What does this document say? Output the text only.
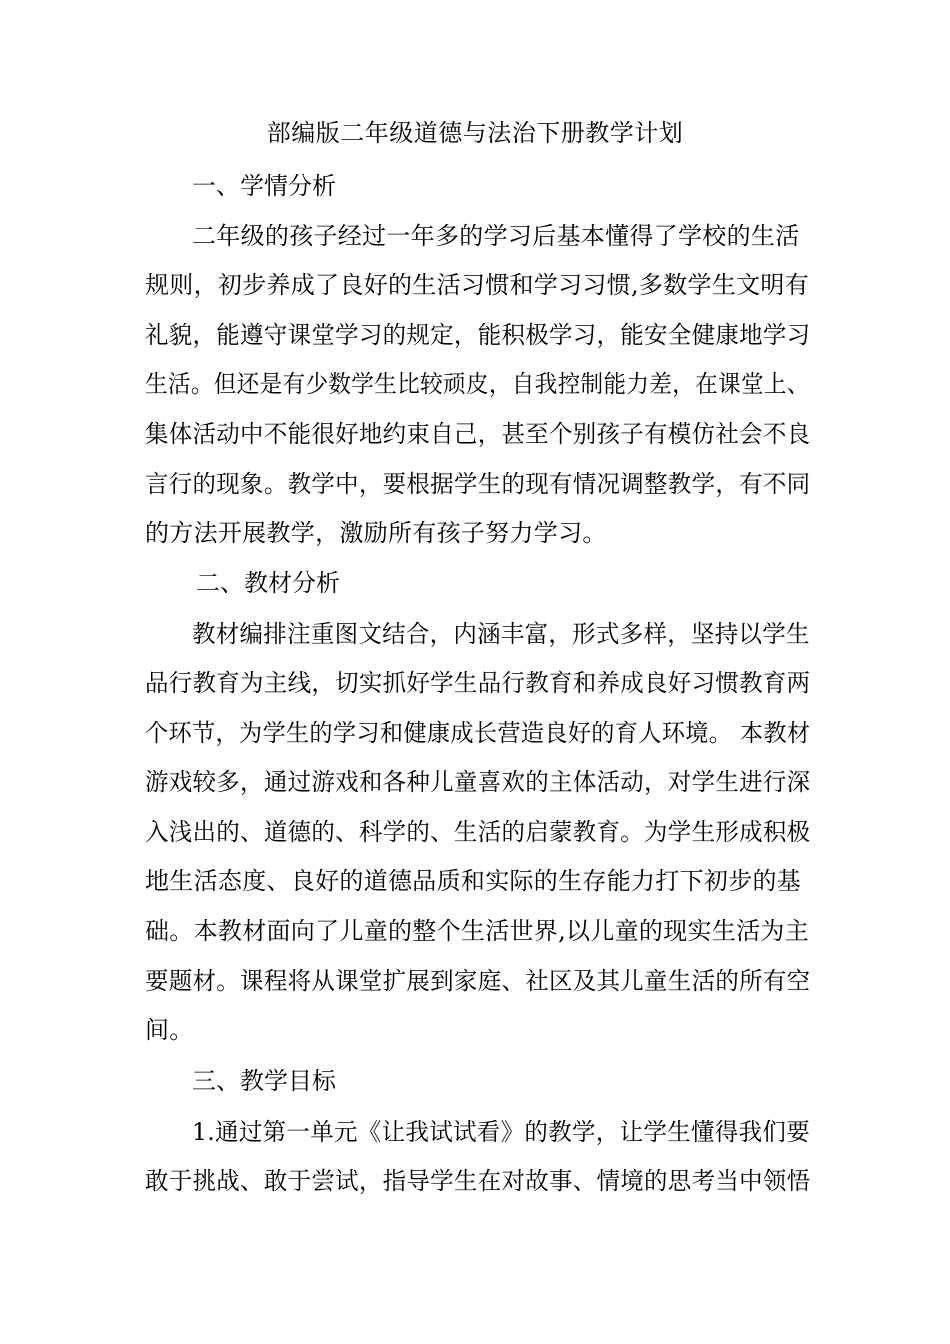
部编版二年级道德与法治下册教学计划
一、学情分析
二年级的孩子经过一年多的学习后基本懂得了学校的生活
规则，初步养成了良好的生活习惯和学习习惯,多数学生文明有
礼貌，能遵守课堂学习的规定，能积极学习，能安全健康地学习
生活。但还是有少数学生比较顽皮，自我控制能力差，在课堂上、
集体活动中不能很好地约束自己，甚至个别孩子有模仿社会不良
言行的现象。教学中，要根据学生的现有情况调整教学，有不同
的方法开展教学，激励所有孩子努力学习。
二、教材分析
教材编排注重图文结合，内涵丰富，形式多样，坚持以学生
品行教育为主线，切实抓好学生品行教育和养成良好习惯教育两
个环节，为学生的学习和健康成长营造良好的育人环境。 本教材
游戏较多，通过游戏和各种儿童喜欢的主体活动，对学生进行深
入浅出的、道德的、科学的、生活的启蒙教育。为学生形成积极
地生活态度、良好的道德品质和实际的生存能力打下初步的基
础。本教材面向了儿童的整个生活世界,以儿童的现实生活为主
要题材。课程将从课堂扩展到家庭、社区及其儿童生活的所有空
间。
三、教学目标
1.通过第一单元《让我试试看》的教学，让学生懂得我们要
敢于挑战、敢于尝试，指导学生在对故事、情境的思考当中领悟
